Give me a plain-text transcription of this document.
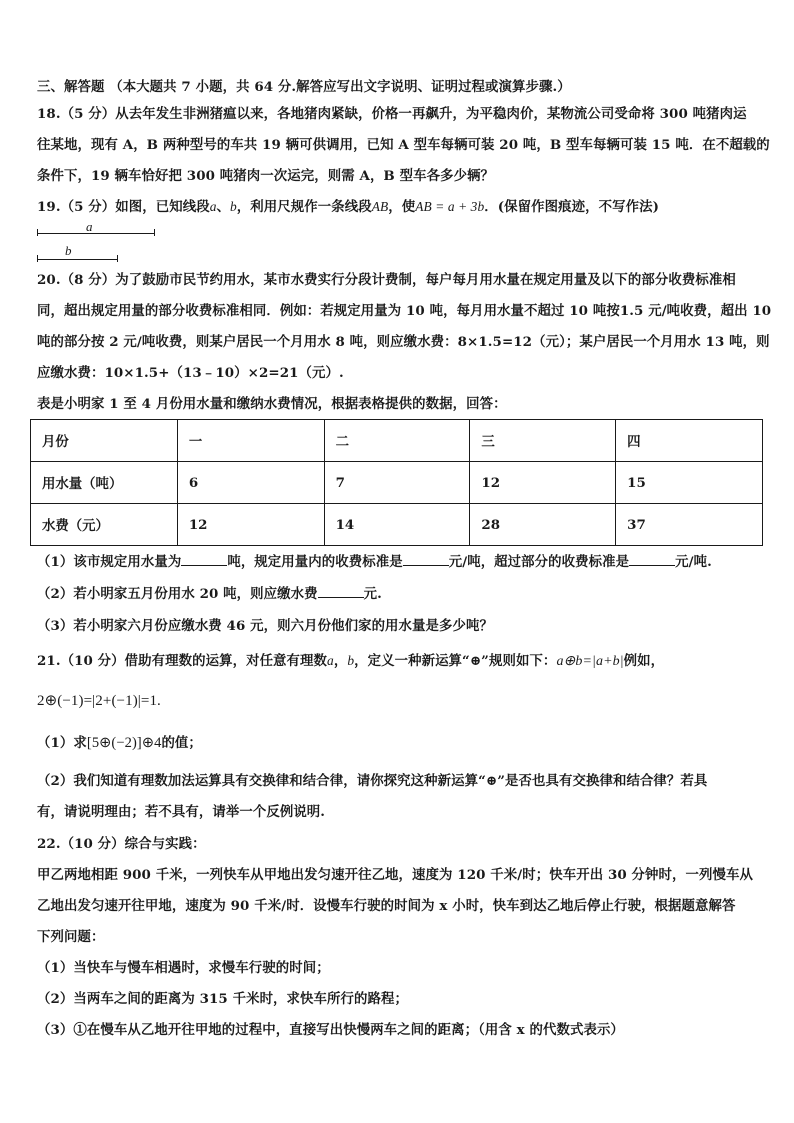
三、解答题 （本大题共 7 小题，共 64 分.解答应写出文字说明、证明过程或演算步骤.）
18.（5 分）从去年发生非洲猪瘟以来，各地猪肉紧缺，价格一再飙升，为平稳肉价，某物流公司受命将 300 吨猪肉运
往某地，现有 A，B 两种型号的车共 19 辆可供调用，已知 A 型车每辆可装 20 吨，B 型车每辆可装 15 吨．在不超载的
条件下，19 辆车恰好把 300 吨猪肉一次运完，则需 A，B 型车各多少辆？
19.（5 分）如图，已知线段a、b，利用尺规作一条线段AB，使AB = a + 3b．(保留作图痕迹，不写作法)
a
b
20.（8 分）为了鼓励市民节约用水，某市水费实行分段计费制，每户每月用水量在规定用量及以下的部分收费标准相
同，超出规定用量的部分收费标准相同．例如：若规定用量为 10 吨，每月用水量不超过 10 吨按1.5 元/吨收费，超出 10
吨的部分按 2 元/吨收费，则某户居民一个月用水 8 吨，则应缴水费：8×1.5=12（元）；某户居民一个月用水 13 吨，则
应缴水费：10×1.5+（13﹣10）×2=21（元）.
表是小明家 1 至 4 月份用水量和缴纳水费情况，根据表格提供的数据，回答：
月份	一	二	三	四
用水量（吨）	6	7	12	15
水费（元）	12	14	28	37
（1）该市规定用水量为	吨，规定用量内的收费标准是	元/吨，超过部分的收费标准是	元/吨.
（2）若小明家五月份用水 20 吨，则应缴水费	元.
（3）若小明家六月份应缴水费 46 元，则六月份他们家的用水量是多少吨？
21.（10 分）借助有理数的运算，对任意有理数a，b，定义一种新运算“⊕”规则如下：a⊕b=|a+b|例如，
2⊕(−1)=|2+(−1)|=1.
（1）求[5⊕(−2)]⊕4的值；
（2）我们知道有理数加法运算具有交换律和结合律，请你探究这种新运算“⊕”是否也具有交换律和结合律？若具
有，请说明理由；若不具有，请举一个反例说明.
22.（10 分）综合与实践：
甲乙两地相距 900 千米，一列快车从甲地出发匀速开往乙地，速度为 120 千米/时；快车开出 30 分钟时，一列慢车从
乙地出发匀速开往甲地，速度为 90 千米/时．设慢车行驶的时间为 x 小时，快车到达乙地后停止行驶，根据题意解答
下列问题：
（1）当快车与慢车相遇时，求慢车行驶的时间；
（2）当两车之间的距离为 315 千米时，求快车所行的路程；
（3）①在慢车从乙地开往甲地的过程中，直接写出快慢两车之间的距离；（用含 x 的代数式表示）
